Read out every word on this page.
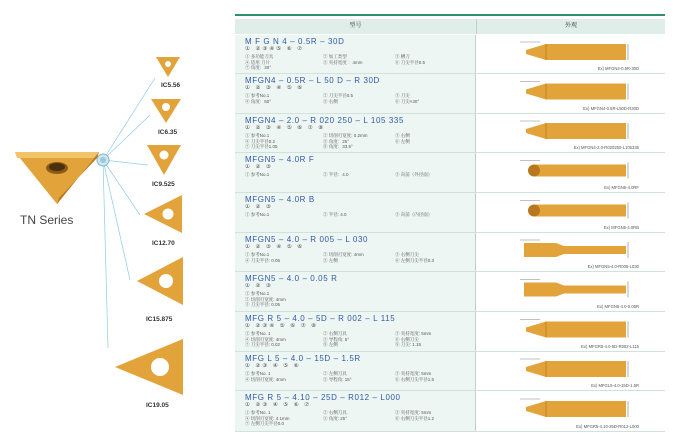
TN Series
IC5.56
IC6.35
IC9.525
IC12.70
IC15.875
IC19.05
型号	外观
M F G N 4 – 0.5R – 30D
① ②③④⑤ ⑥ ⑦
① 多功能刀具	② 加工类型	③ 槽刀
④ 适用 刀片	⑤ 夹持宽度 ：4mm	⑥ 刀尖半径0.5
⑦ 角度：30°	Ex) MFGN4-0.5R-30D
MFGN4 – 0.5R – L 50 D – R 30D
① ② ③ ④ ⑤ ⑥
① 参考No.1	② 刀尖半径0.5	③ 刀尖
④ 角度：50°	⑤ 右侧	⑥ 刀尖×30°
Ex) MFGN4-0.5R-L50D-R30D
MFGN4 – 2.0 – R 020 250 – L 105 335
① ② ③ ④ ⑤ ⑥ ⑦ ⑧
① 参考No.1	② 切削刃宽度: 0.2mm	③ 右侧
④ 刀尖半径0.2	⑤ 角度：25°	⑥ 左侧
⑦ 刀尖半径1.05	⑧ 角度：33.5°	Ex) MFGN4-2.0-R020250-L105335
MFGN5 – 4.0R F
① ② ③
① 参考No.1	② 半径：4.0	③ 向前（外径面）
Ex) MFGN5-4.0RF
MFGN5 – 4.0R B
① ② ③
① 参考No.1	② 半径: 4.0	③ 向前（内径面）
Ex) MFGN5-4.0RB
MFGN5 – 4.0 – R 005 – L 030
① ② ③ ④ ⑤ ⑥
① 参考No.1	② 切削刃宽度: 4mm	③ 右侧刀尖
④ 刀尖半径: 0.05	⑤ 左侧	⑥ 左侧刀尖半径0.3
Ex) MFGN5-4.0-R005-L030
MFGN5 – 4.0 – 0.05 R
① ② ③
① 参考No.1
② 切削刃宽度: 4mm
③ 刀尖半径: 0.05	Ex) MFGN5-4.0-0.05R
MFG R 5 – 4.0 – 5D – R 002 – L 115
① ②③④ ⑤ ⑥ ⑦ ⑧
① 参考No. 1	② 右侧刀具	③ 夹持宽度: 5mm
④ 切削刃宽度: 4mm	⑤ 导程角: 5°	⑥ 右侧刀尖
⑦ 刀尖半径: 0.02	⑧ 左侧	⑨ 刀尖: 1.15	Ex) MFGR5-4.0-5D-R002-L115
MFG L 5 – 4.0 – 15D – 1.5R
① ②③ ④ ⑤ ⑥
① 参考No. 1	② 左侧刀具	③ 夹持宽度: 5mm
④ 切削刃宽度: 4mm	⑤ 导程角: 15°	⑥ 右侧刀尖半径1.5
Ex) MFGL5-4.0-15D-1.5R
MFG R 5 – 4.10 – 25D – R012 – L000
① ②③ ④ ⑤ ⑥ ⑦
① 参考No. 1	② 右侧刀具	③ 夹持宽度: 5mm
④ 切削刃宽度: 4.1mm	⑤ 角度: 25°	⑥ 右侧刀尖半径1.2
⑦ 左侧刀尖半径0.0
Ex) MFGR5-4.10-25D-R012-L000
